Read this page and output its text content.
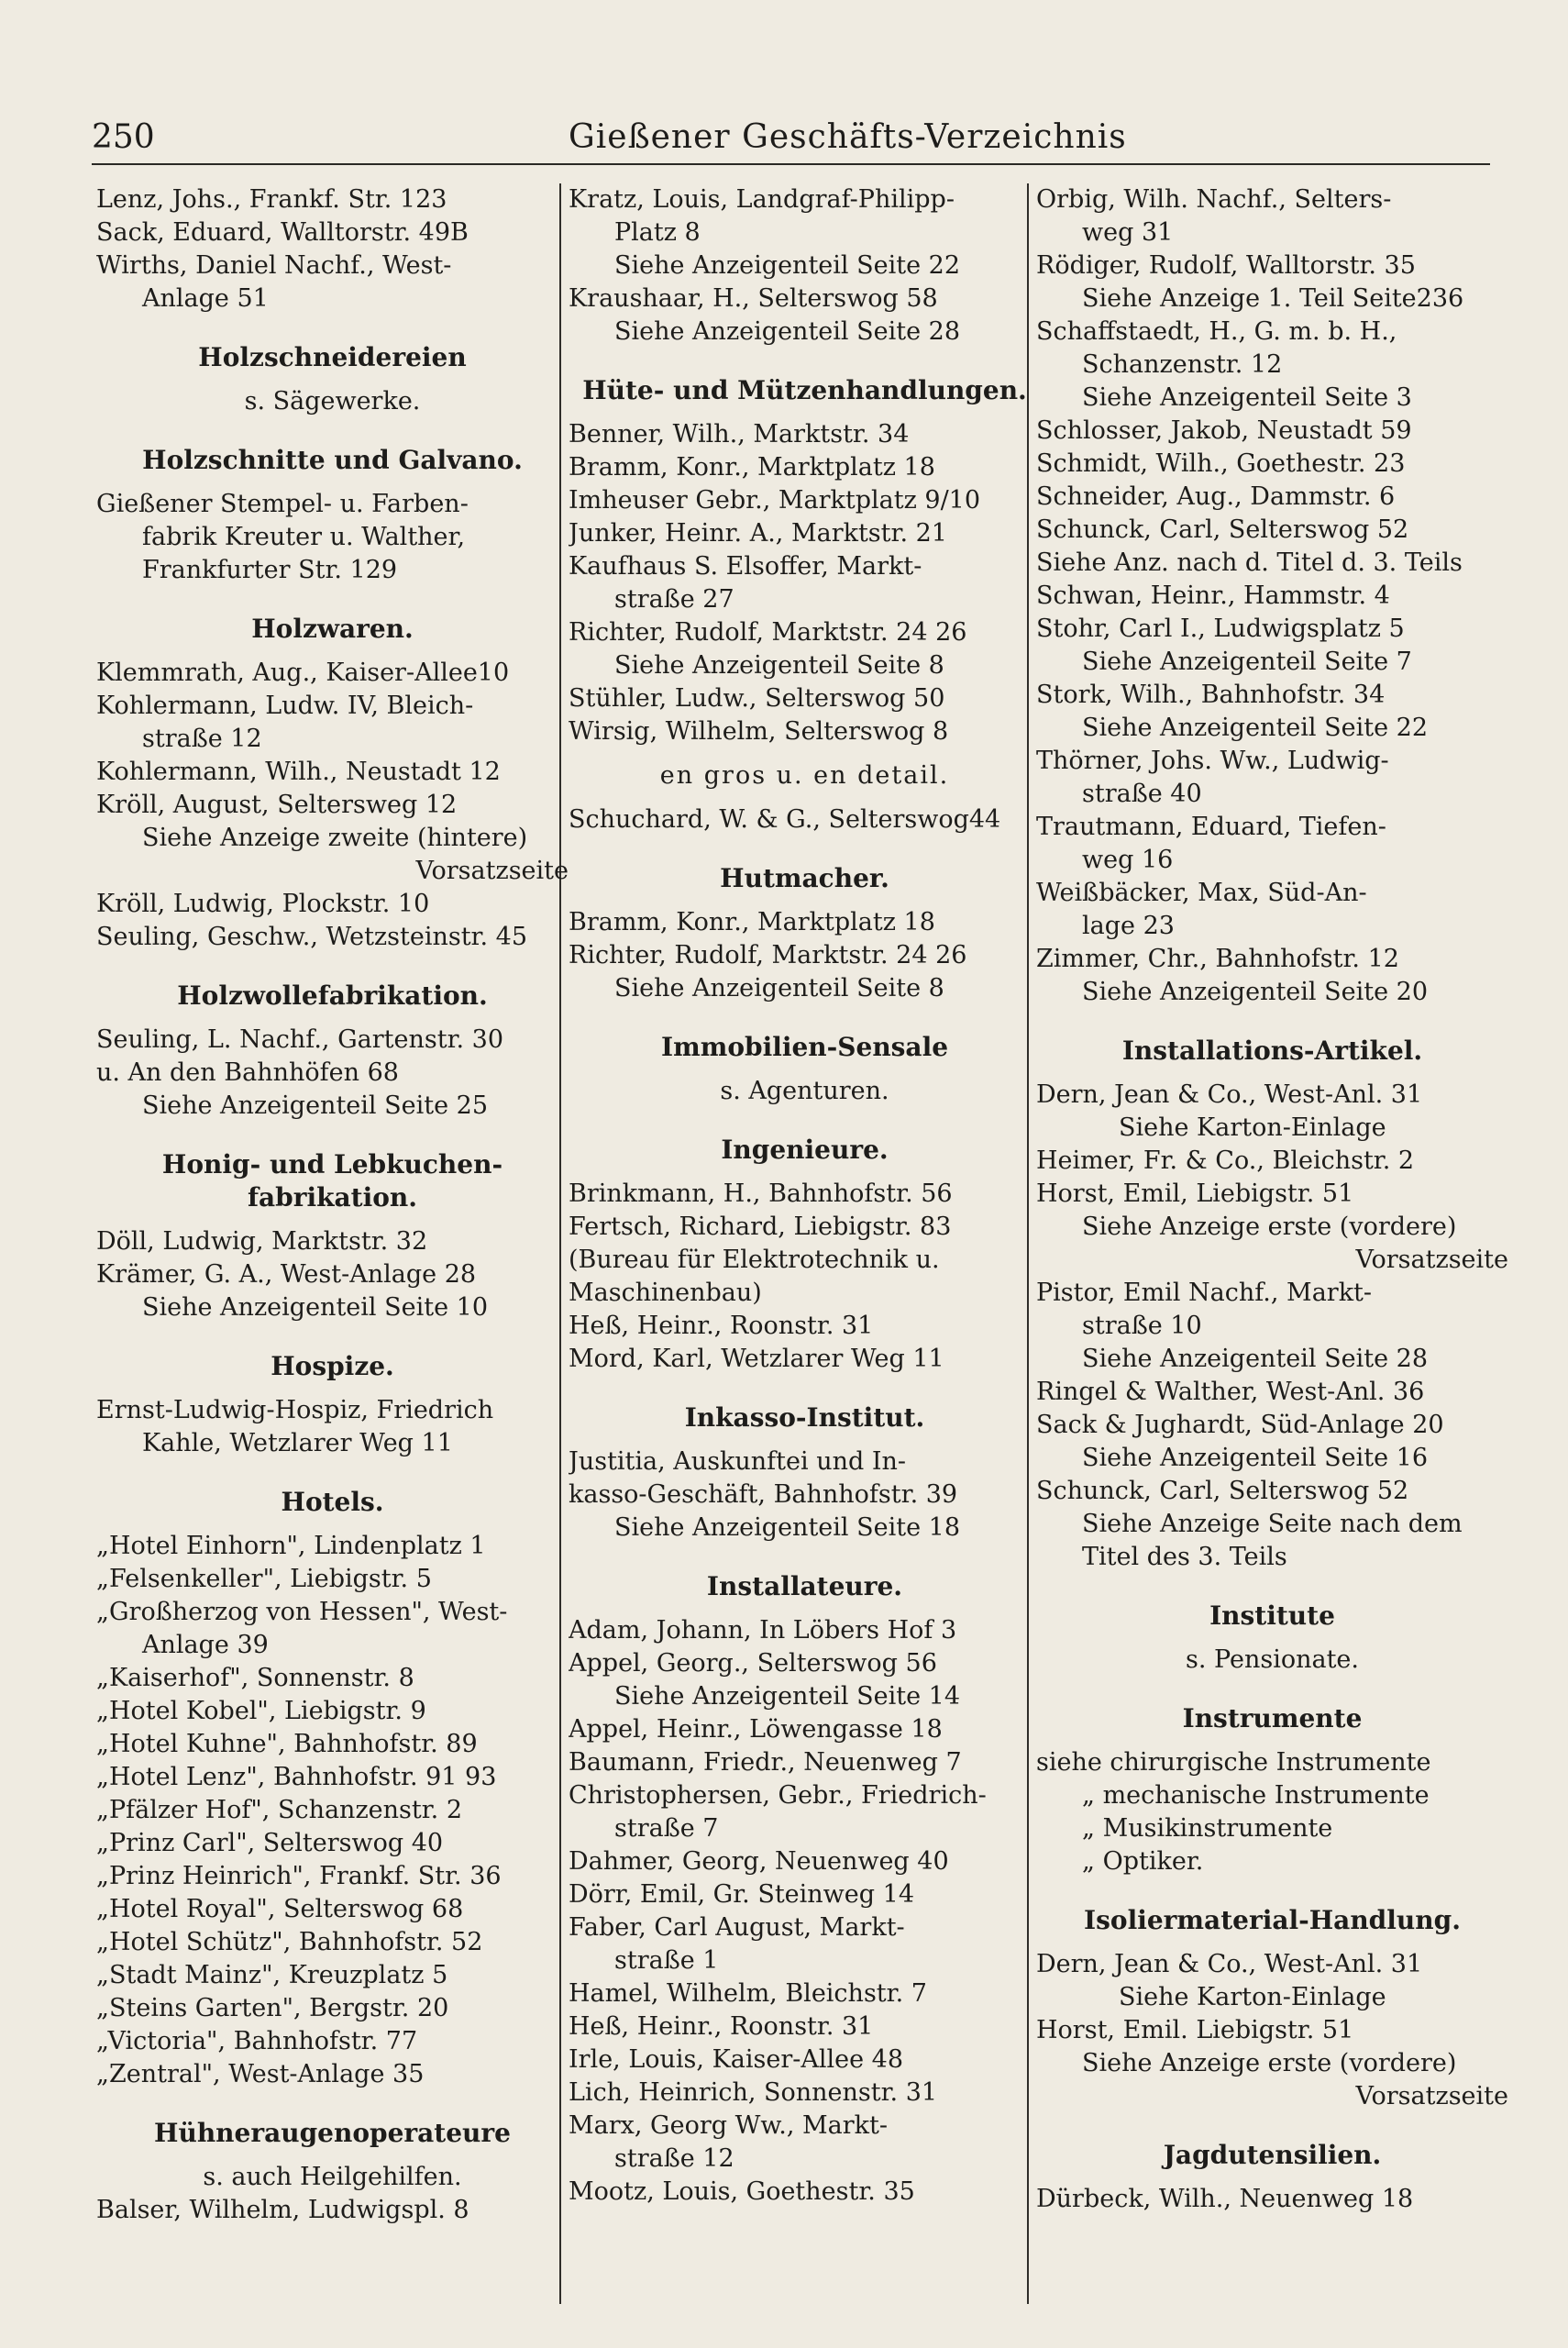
250	Gießener Geschäfts-Verzeichnis
Lenz, Johs., Frankf. Str. 123
Sack, Eduard, Walltorstr. 49B
Wirths, Daniel Nachf., West-
Anlage 51
Holzschneidereien
s. Sägewerke.
Holzschnitte und Galvano.
Gießener Stempel- u. Farben-
fabrik Kreuter u. Walther,
Frankfurter Str. 129
Holzwaren.
Klemmrath, Aug., Kaiser-Allee10
Kohlermann, Ludw. IV, Bleich-
straße 12
Kohlermann, Wilh., Neustadt 12
Kröll, August, Seltersweg 12
Siehe Anzeige zweite (hintere)
Vorsatzseite
Kröll, Ludwig, Plockstr. 10
Seuling, Geschw., Wetzsteinstr. 45
Holzwollefabrikation.
Seuling, L. Nachf., Gartenstr. 30
u. An den Bahnhöfen 68
Siehe Anzeigenteil Seite 25
Honig- und Lebkuchen-
fabrikation.
Döll, Ludwig, Marktstr. 32
Krämer, G. A., West-Anlage 28
Siehe Anzeigenteil Seite 10
Hospize.
Ernst-Ludwig-Hospiz, Friedrich
Kahle, Wetzlarer Weg 11
Hotels.
„Hotel Einhorn", Lindenplatz 1
„Felsenkeller", Liebigstr. 5
„Großherzog von Hessen", West-
Anlage 39
„Kaiserhof", Sonnenstr. 8
„Hotel Kobel", Liebigstr. 9
„Hotel Kuhne", Bahnhofstr. 89
„Hotel Lenz", Bahnhofstr. 91 93
„Pfälzer Hof", Schanzenstr. 2
„Prinz Carl", Selterswog 40
„Prinz Heinrich", Frankf. Str. 36
„Hotel Royal", Selterswog 68
„Hotel Schütz", Bahnhofstr. 52
„Stadt Mainz", Kreuzplatz 5
„Steins Garten", Bergstr. 20
„Victoria", Bahnhofstr. 77
„Zentral", West-Anlage 35
Hühneraugenoperateure
s. auch Heilgehilfen.
Balser, Wilhelm, Ludwigspl. 8
Kratz, Louis, Landgraf-Philipp-
Platz 8
Siehe Anzeigenteil Seite 22
Kraushaar, H., Selterswog 58
Siehe Anzeigenteil Seite 28
Hüte- und Mützenhandlungen.
Benner, Wilh., Marktstr. 34
Bramm, Konr., Marktplatz 18
Imheuser Gebr., Marktplatz 9/10
Junker, Heinr. A., Marktstr. 21
Kaufhaus S. Elsoffer, Markt-
straße 27
Richter, Rudolf, Marktstr. 24 26
Siehe Anzeigenteil Seite 8
Stühler, Ludw., Selterswog 50
Wirsig, Wilhelm, Selterswog 8
en gros u. en detail.
Schuchard, W. & G., Selterswog44
Hutmacher.
Bramm, Konr., Marktplatz 18
Richter, Rudolf, Marktstr. 24 26
Siehe Anzeigenteil Seite 8
Immobilien-Sensale
s. Agenturen.
Ingenieure.
Brinkmann, H., Bahnhofstr. 56
Fertsch, Richard, Liebigstr. 83
(Bureau für Elektrotechnik u.
Maschinenbau)
Heß, Heinr., Roonstr. 31
Mord, Karl, Wetzlarer Weg 11
Inkasso-Institut.
Justitia, Auskunftei und In-
kasso-Geschäft, Bahnhofstr. 39
Siehe Anzeigenteil Seite 18
Installateure.
Adam, Johann, In Löbers Hof 3
Appel, Georg., Selterswog 56
Siehe Anzeigenteil Seite 14
Appel, Heinr., Löwengasse 18
Baumann, Friedr., Neuenweg 7
Christophersen, Gebr., Friedrich-
straße 7
Dahmer, Georg, Neuenweg 40
Dörr, Emil, Gr. Steinweg 14
Faber, Carl August, Markt-
straße 1
Hamel, Wilhelm, Bleichstr. 7
Heß, Heinr., Roonstr. 31
Irle, Louis, Kaiser-Allee 48
Lich, Heinrich, Sonnenstr. 31
Marx, Georg Ww., Markt-
straße 12
Mootz, Louis, Goethestr. 35
Orbig, Wilh. Nachf., Selters-
weg 31
Rödiger, Rudolf, Walltorstr. 35
Siehe Anzeige 1. Teil Seite236
Schaffstaedt, H., G. m. b. H.,
Schanzenstr. 12
Siehe Anzeigenteil Seite 3
Schlosser, Jakob, Neustadt 59
Schmidt, Wilh., Goethestr. 23
Schneider, Aug., Dammstr. 6
Schunck, Carl, Selterswog 52
Siehe Anz. nach d. Titel d. 3. Teils
Schwan, Heinr., Hammstr. 4
Stohr, Carl I., Ludwigsplatz 5
Siehe Anzeigenteil Seite 7
Stork, Wilh., Bahnhofstr. 34
Siehe Anzeigenteil Seite 22
Thörner, Johs. Ww., Ludwig-
straße 40
Trautmann, Eduard, Tiefen-
weg 16
Weißbäcker, Max, Süd-An-
lage 23
Zimmer, Chr., Bahnhofstr. 12
Siehe Anzeigenteil Seite 20
Installations-Artikel.
Dern, Jean & Co., West-Anl. 31
Siehe Karton-Einlage
Heimer, Fr. & Co., Bleichstr. 2
Horst, Emil, Liebigstr. 51
Siehe Anzeige erste (vordere)
Vorsatzseite
Pistor, Emil Nachf., Markt-
straße 10
Siehe Anzeigenteil Seite 28
Ringel & Walther, West-Anl. 36
Sack & Jughardt, Süd-Anlage 20
Siehe Anzeigenteil Seite 16
Schunck, Carl, Selterswog 52
Siehe Anzeige Seite nach dem
Titel des 3. Teils
Institute
s. Pensionate.
Instrumente
siehe chirurgische Instrumente
„ mechanische Instrumente
„ Musikinstrumente
„ Optiker.
Isoliermaterial-Handlung.
Dern, Jean & Co., West-Anl. 31
Siehe Karton-Einlage
Horst, Emil. Liebigstr. 51
Siehe Anzeige erste (vordere)
Vorsatzseite
Jagdutensilien.
Dürbeck, Wilh., Neuenweg 18
